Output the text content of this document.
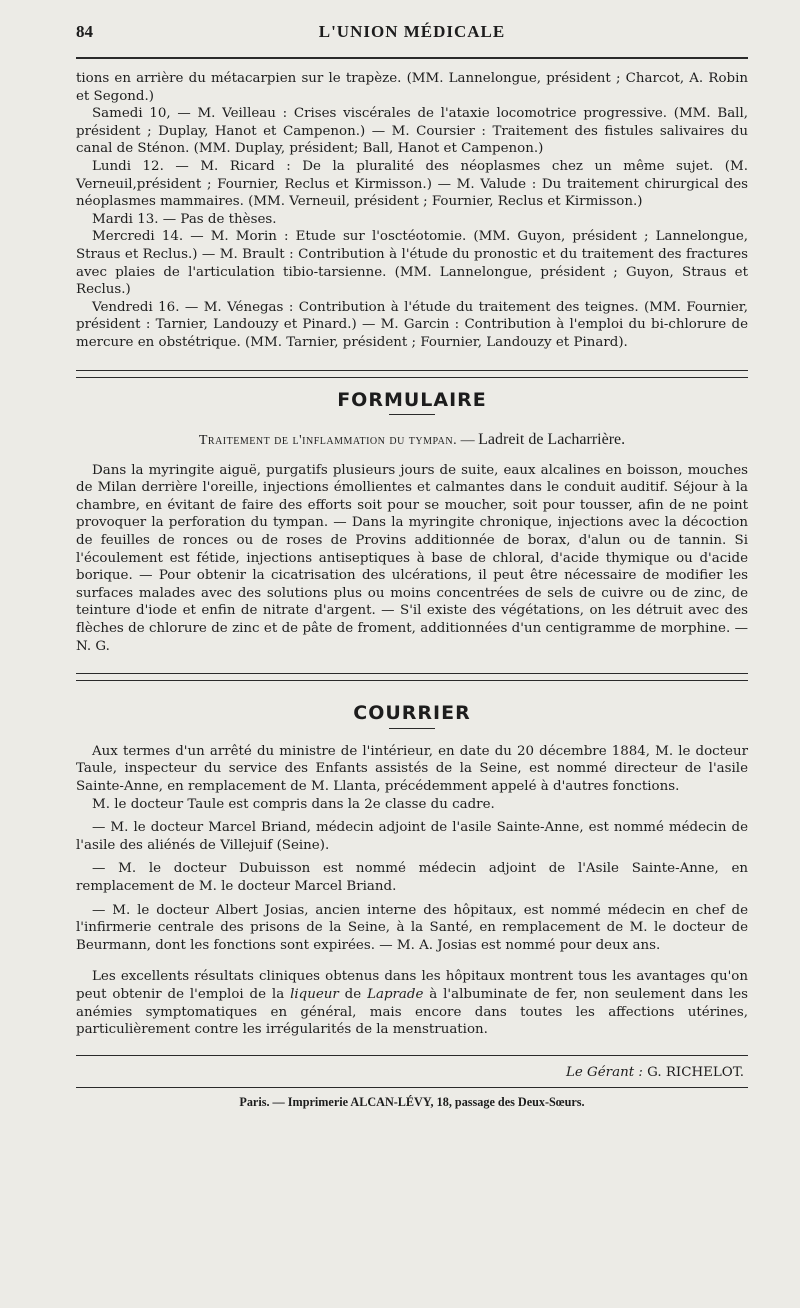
84	L'UNION MÉDICALE

tions en arrière du métacarpien sur le trapèze. (MM. Lannelongue, président ; Charcot, A. Robin et Segond.)

Samedi 10, — M. Veilleau : Crises viscérales de l'ataxie locomotrice progressive. (MM. Ball, président ; Duplay, Hanot et Campenon.) — M. Coursier : Traitement des fistules salivaires du canal de Sténon. (MM. Duplay, président; Ball, Hanot et Campenon.)

Lundi 12. — M. Ricard : De la pluralité des néoplasmes chez un même sujet. (M. Verneuil,président ; Fournier, Reclus et Kirmisson.) — M. Valude : Du traitement chirurgical des néoplasmes mammaires. (MM. Verneuil, président ; Fournier, Reclus et Kirmisson.)

Mardi 13. — Pas de thèses.

Mercredi 14. — M. Morin : Etude sur l'osctéotomie. (MM. Guyon, président ; Lannelongue, Straus et Reclus.) — M. Brault : Contribution à l'étude du pronostic et du traitement des fractures avec plaies de l'articulation tibio-tarsienne. (MM. Lannelongue, président ; Guyon, Straus et Reclus.)

Vendredi 16. — M. Vénegas : Contribution à l'étude du traitement des teignes. (MM. Fournier, président : Tarnier, Landouzy et Pinard.) — M. Garcin : Contribution à l'emploi du bi-chlorure de mercure en obstétrique. (MM. Tarnier, président ; Fournier, Landouzy et Pinard).

FORMULAIRE

Traitement de l'inflammation du tympan. — Ladreit de Lacharrière.

Dans la myringite aiguë, purgatifs plusieurs jours de suite, eaux alcalines en boisson, mouches de Milan derrière l'oreille, injections émollientes et calmantes dans le conduit auditif. Séjour à la chambre, en évitant de faire des efforts soit pour se moucher, soit pour tousser, afin de ne point provoquer la perforation du tympan. — Dans la myringite chronique, injections avec la décoction de feuilles de ronces ou de roses de Provins additionnée de borax, d'alun ou de tannin. Si l'écoulement est fétide, injections antiseptiques à base de chloral, d'acide thymique ou d'acide borique. — Pour obtenir la cicatrisation des ulcérations, il peut être nécessaire de modifier les surfaces malades avec des solutions plus ou moins concentrées de sels de cuivre ou de zinc, de teinture d'iode et enfin de nitrate d'argent. — S'il existe des végétations, on les détruit avec des flèches de chlorure de zinc et de pâte de froment, additionnées d'un centigramme de morphine. — N. G.

COURRIER

Aux termes d'un arrêté du ministre de l'intérieur, en date du 20 décembre 1884, M. le docteur Taule, inspecteur du service des Enfants assistés de la Seine, est nommé directeur de l'asile Sainte-Anne, en remplacement de M. Llanta, précédemment appelé à d'autres fonctions.

M. le docteur Taule est compris dans la 2e classe du cadre.

— M. le docteur Marcel Briand, médecin adjoint de l'asile Sainte-Anne, est nommé médecin de l'asile des aliénés de Villejuif (Seine).

— M. le docteur Dubuisson est nommé médecin adjoint de l'Asile Sainte-Anne, en remplacement de M. le docteur Marcel Briand.

— M. le docteur Albert Josias, ancien interne des hôpitaux, est nommé médecin en chef de l'infirmerie centrale des prisons de la Seine, à la Santé, en remplacement de M. le docteur de Beurmann, dont les fonctions sont expirées. — M. A. Josias est nommé pour deux ans.

Les excellents résultats cliniques obtenus dans les hôpitaux montrent tous les avantages qu'on peut obtenir de l'emploi de la liqueur de Laprade à l'albuminate de fer, non seulement dans les anémies symptomatiques en général, mais encore dans toutes les affections utérines, particulièrement contre les irrégularités de la menstruation.

Le Gérant : G. RICHELOT.

Paris. — Imprimerie ALCAN-LÉVY, 18, passage des Deux-Sœurs.
